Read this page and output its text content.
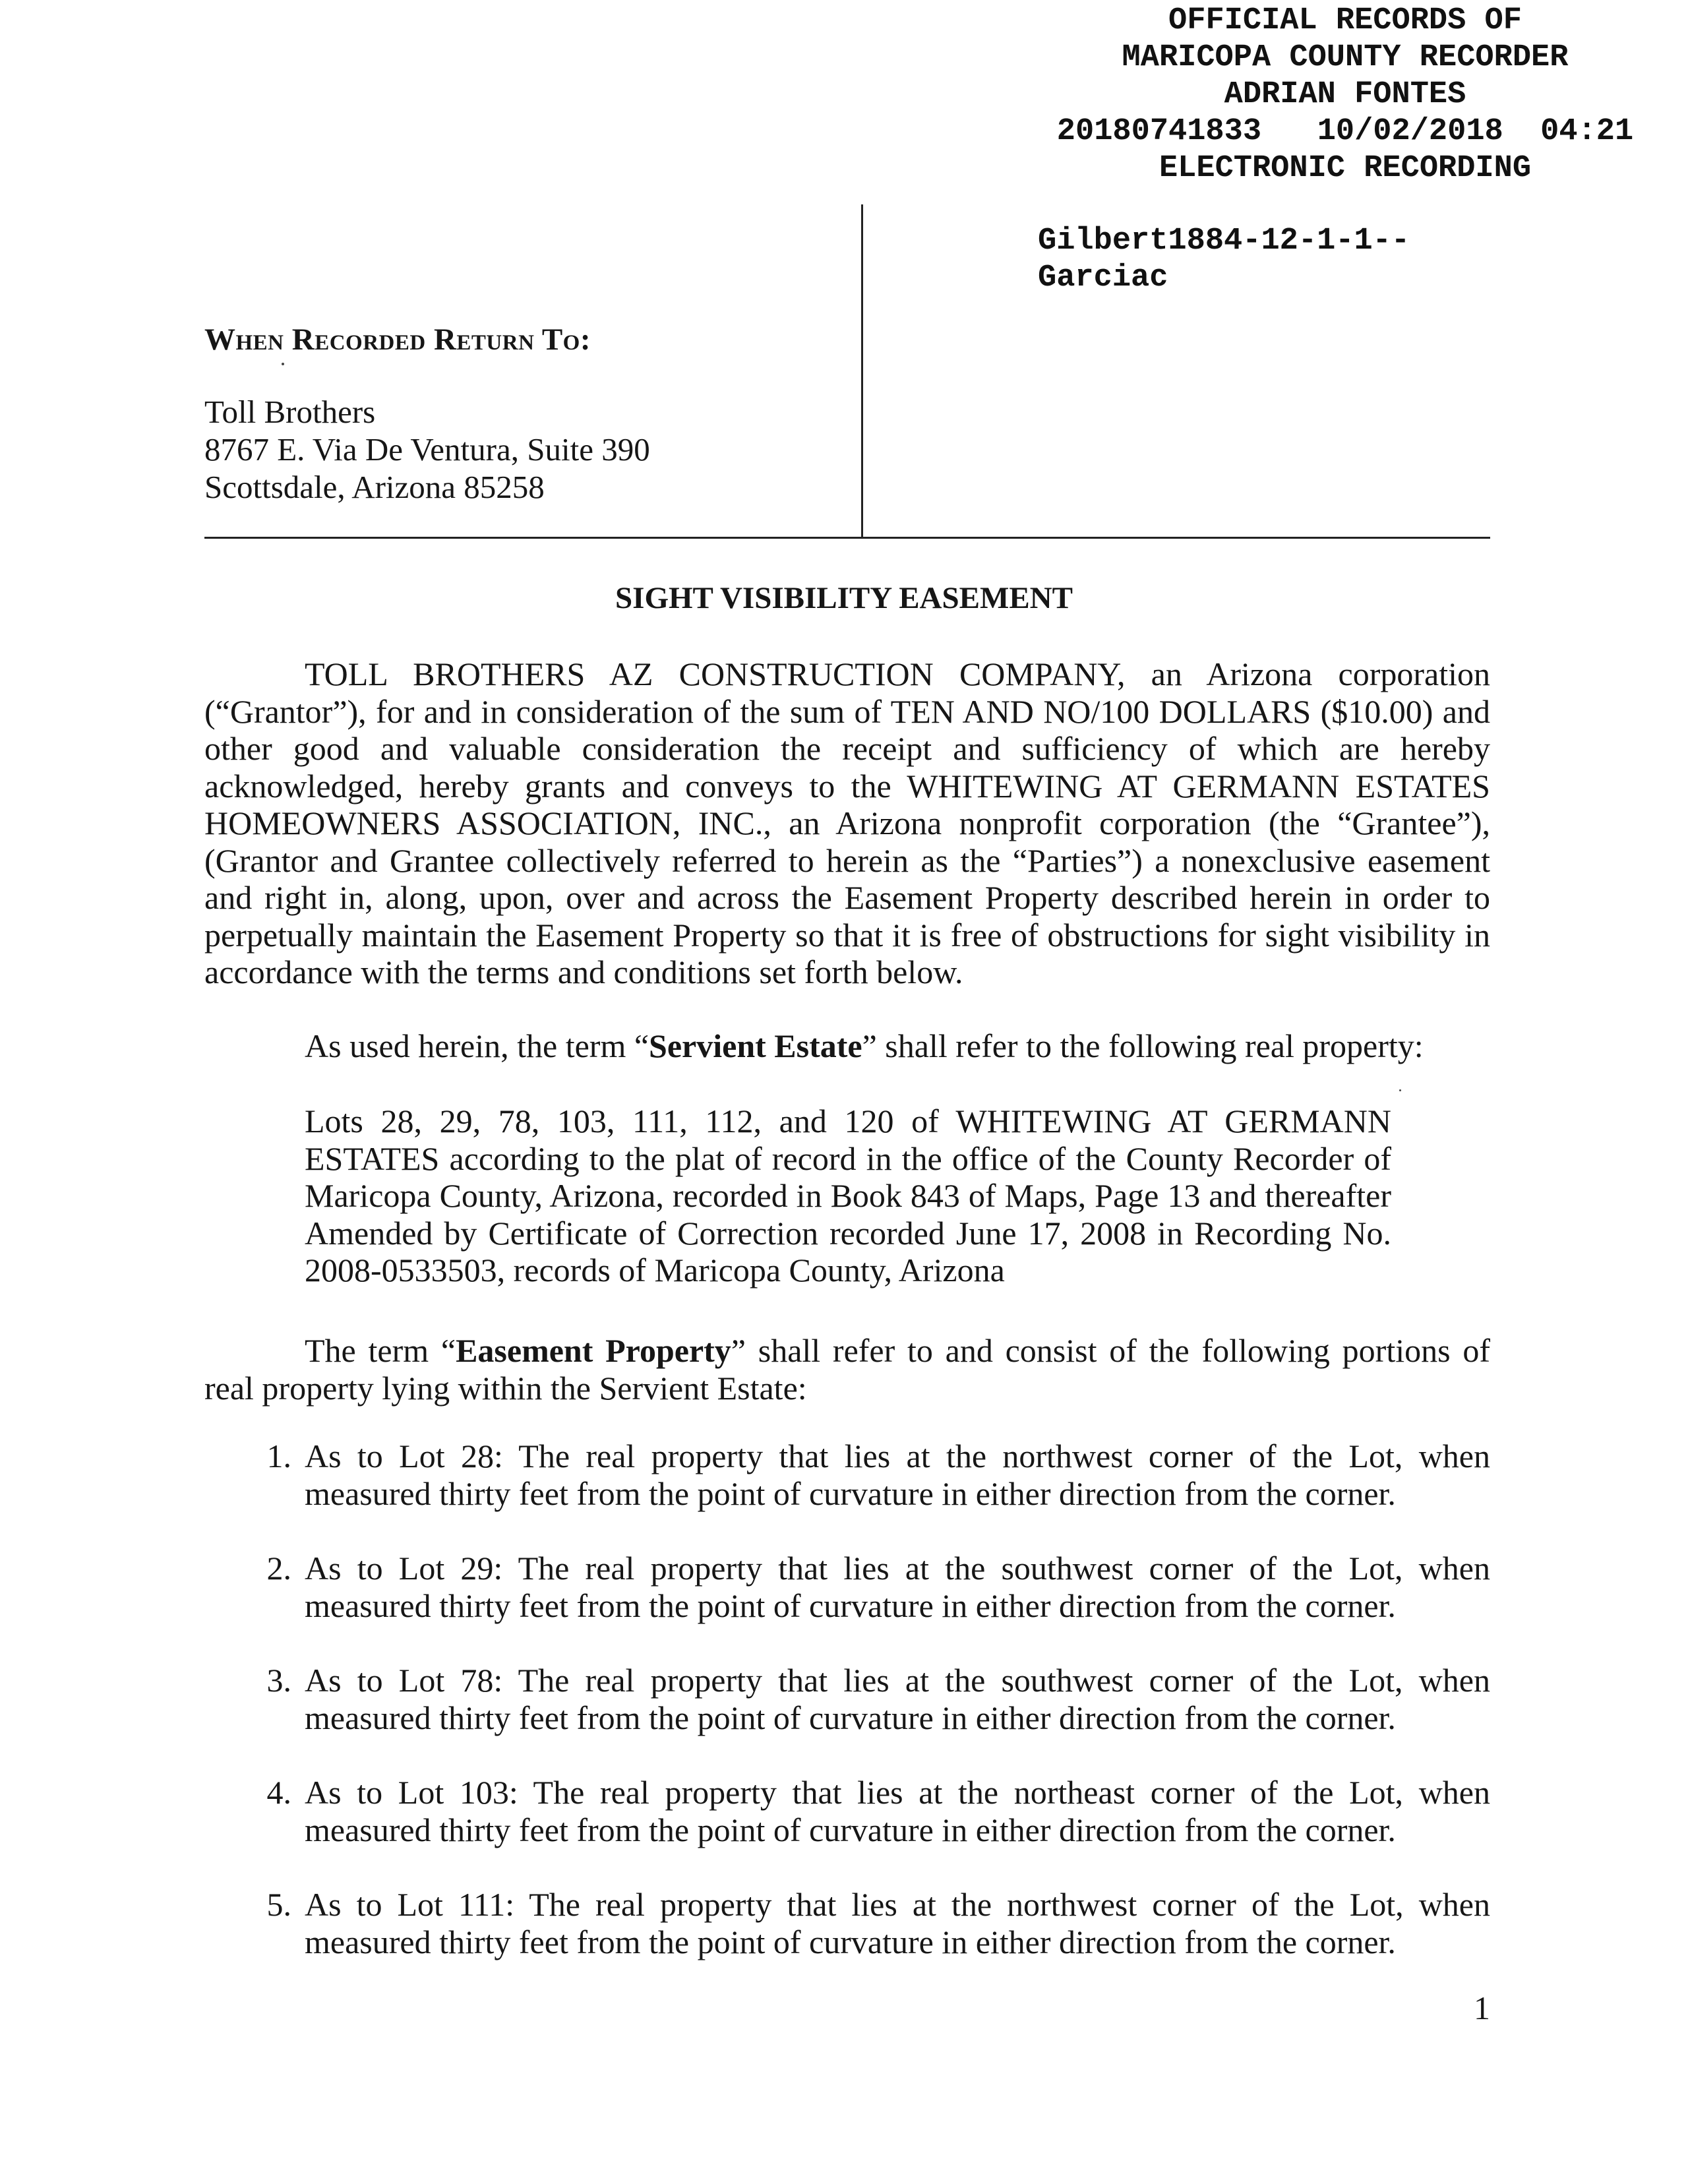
OFFICIAL RECORDS OF
MARICOPA COUNTY RECORDER
ADRIAN FONTES
20180741833 10/02/2018 04:21
ELECTRONIC RECORDING
Gilbert1884-12-1-1--
Garciac
When Recorded Return To:
Toll Brothers
8767 E. Via De Ventura, Suite 390
Scottsdale, Arizona 85258
SIGHT VISIBILITY EASEMENT

TOLL BROTHERS AZ CONSTRUCTION COMPANY, an Arizona corporation (“Grantor”), for and in consideration of the sum of TEN AND NO/100 DOLLARS ($10.00) and other good and valuable consideration the receipt and sufficiency of which are hereby acknowledged, hereby grants and conveys to the WHITEWING AT GERMANN ESTATES HOMEOWNERS ASSOCIATION, INC., an Arizona nonprofit corporation (the “Grantee”), (Grantor and Grantee collectively referred to herein as the “Parties”) a nonexclusive easement and right in, along, upon, over and across the Easement Property described herein in order to perpetually maintain the Easement Property so that it is free of obstructions for sight visibility in accordance with the terms and conditions set forth below.

As used herein, the term “Servient Estate” shall refer to the following real property:

Lots 28, 29, 78, 103, 111, 112, and 120 of WHITEWING AT GERMANN ESTATES according to the plat of record in the office of the County Recorder of Maricopa County, Arizona, recorded in Book 843 of Maps, Page 13 and thereafter Amended by Certificate of Correction recorded June 17, 2008 in Recording No. 2008-0533503, records of Maricopa County, Arizona

The term “Easement Property” shall refer to and consist of the following portions of real property lying within the Servient Estate:

1. As to Lot 28: The real property that lies at the northwest corner of the Lot, when measured thirty feet from the point of curvature in either direction from the corner.
2. As to Lot 29: The real property that lies at the southwest corner of the Lot, when measured thirty feet from the point of curvature in either direction from the corner.
3. As to Lot 78: The real property that lies at the southwest corner of the Lot, when measured thirty feet from the point of curvature in either direction from the corner.
4. As to Lot 103: The real property that lies at the northeast corner of the Lot, when measured thirty feet from the point of curvature in either direction from the corner.
5. As to Lot 111: The real property that lies at the northwest corner of the Lot, when measured thirty feet from the point of curvature in either direction from the corner.
1
